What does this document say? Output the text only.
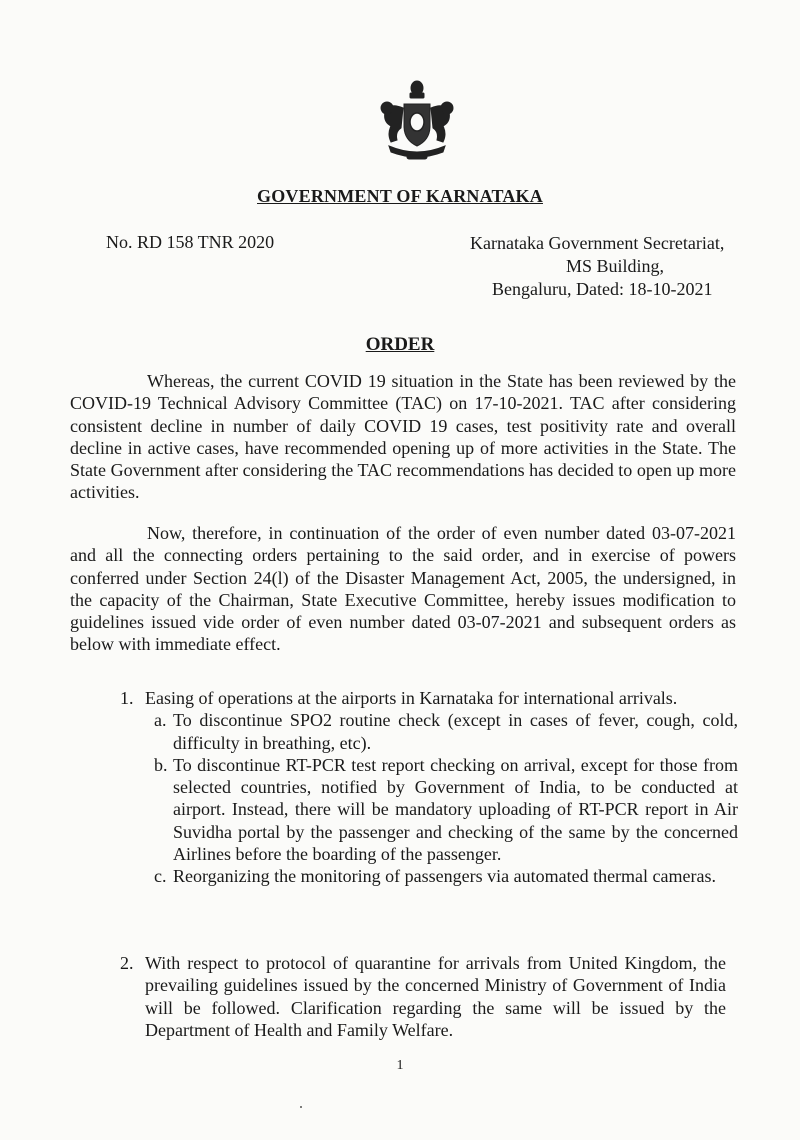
GOVERNMENT OF KARNATAKA
No. RD 158 TNR 2020	Karnataka Government Secretariat,
MS Building,
Bengaluru, Dated: 18-10-2021
ORDER
Whereas, the current COVID 19 situation in the State has been reviewed by the COVID-19 Technical Advisory Committee (TAC) on 17-10-2021. TAC after considering consistent decline in number of daily COVID 19 cases, test positivity rate and overall decline in active cases, have recommended opening up of more activities in the State. The State Government after considering the TAC recommendations has decided to open up more activities.
Now, therefore, in continuation of the order of even number dated 03-07-2021 and all the connecting orders pertaining to the said order, and in exercise of powers conferred under Section 24(l) of the Disaster Management Act, 2005, the undersigned, in the capacity of the Chairman, State Executive Committee, hereby issues modification to guidelines issued vide order of even number dated 03-07-2021 and subsequent orders as below with immediate effect.
1. Easing of operations at the airports in Karnataka for international arrivals.
a. To discontinue SPO2 routine check (except in cases of fever, cough, cold, difficulty in breathing, etc).
b. To discontinue RT-PCR test report checking on arrival, except for those from selected countries, notified by Government of India, to be conducted at airport. Instead, there will be mandatory uploading of RT-PCR report in Air Suvidha portal by the passenger and checking of the same by the concerned Airlines before the boarding of the passenger.
c. Reorganizing the monitoring of passengers via automated thermal cameras.
2. With respect to protocol of quarantine for arrivals from United Kingdom, the prevailing guidelines issued by the concerned Ministry of Government of India will be followed. Clarification regarding the same will be issued by the Department of Health and Family Welfare.
1
